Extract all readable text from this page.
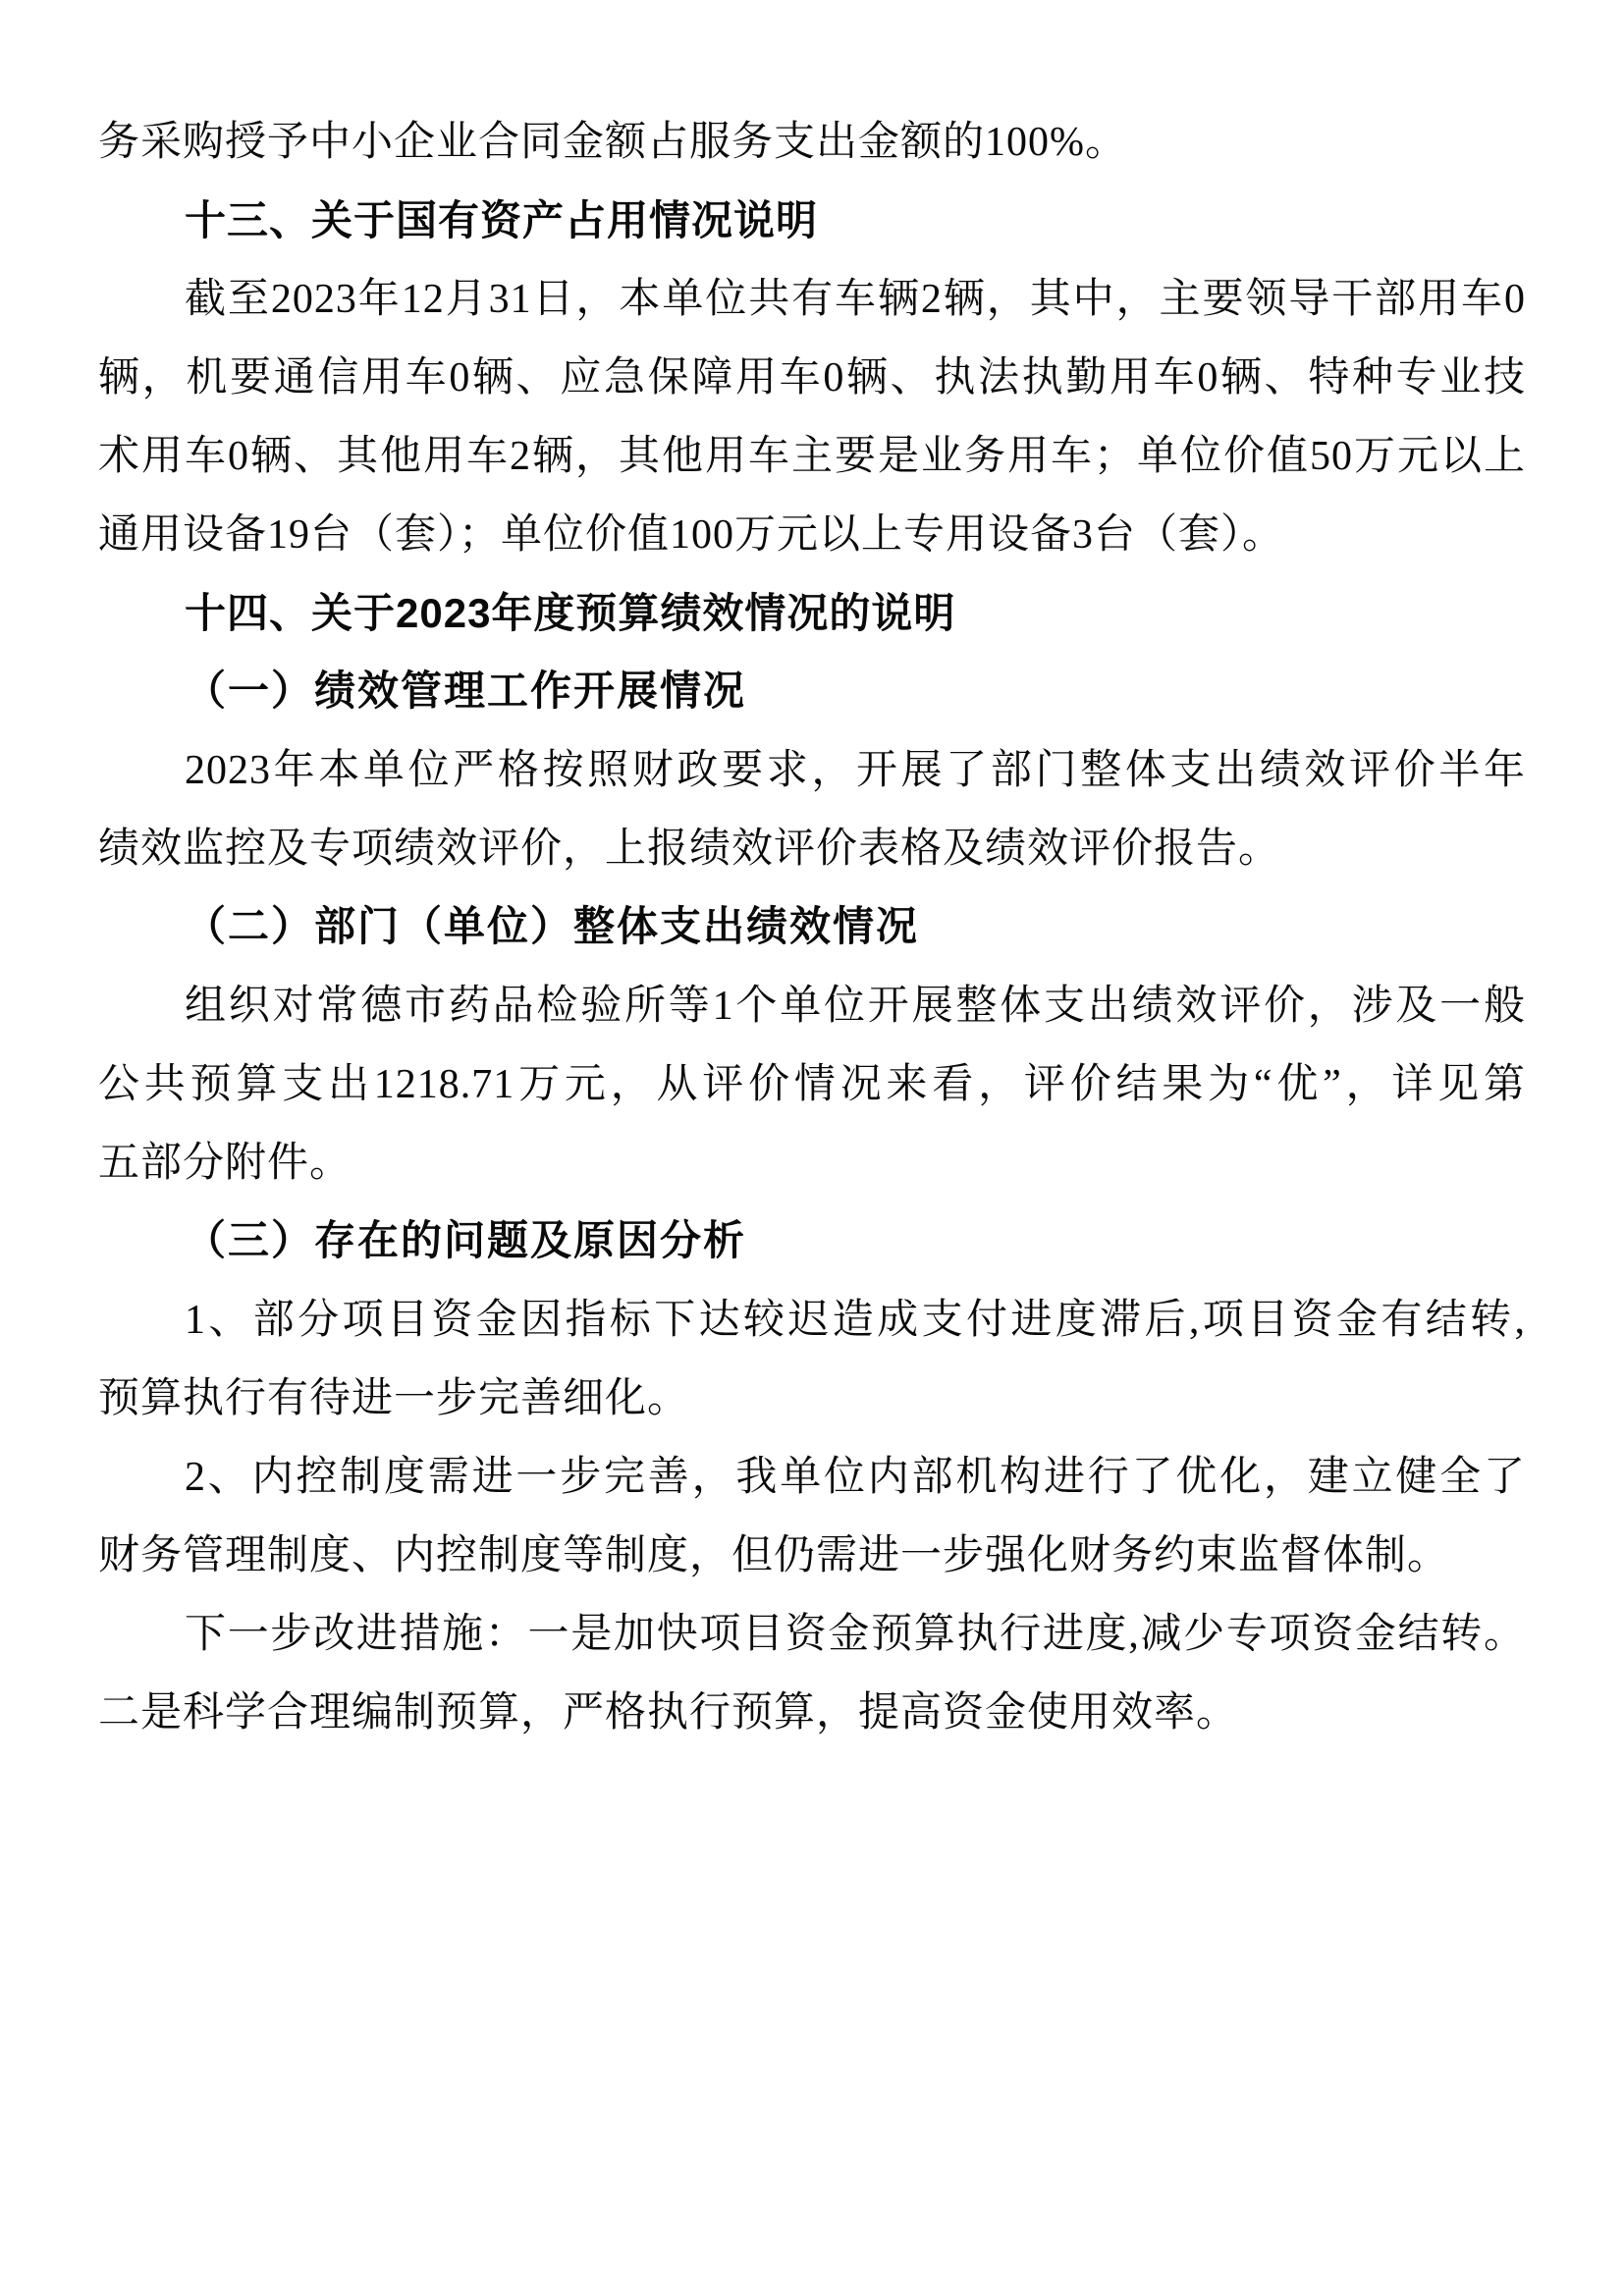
务采购授予中小企业合同金额占服务支出金额的100%。
十三、关于国有资产占用情况说明
截至2023年12月31日，本单位共有车辆2辆，其中，主要领导干部用车0
辆，机要通信用车0辆、应急保障用车0辆、执法执勤用车0辆、特种专业技
术用车0辆、其他用车2辆，其他用车主要是业务用车；单位价值50万元以上
通用设备19台（套）；单位价值100万元以上专用设备3台（套）。
十四、关于2023年度预算绩效情况的说明
（一）绩效管理工作开展情况
2023年本单位严格按照财政要求，开展了部门整体支出绩效评价半年
绩效监控及专项绩效评价，上报绩效评价表格及绩效评价报告。
（二）部门（单位）整体支出绩效情况
组织对常德市药品检验所等1个单位开展整体支出绩效评价，涉及一般
公共预算支出1218.71万元，从评价情况来看，评价结果为“优”，详见第
五部分附件。
（三）存在的问题及原因分析
1、部分项目资金因指标下达较迟造成支付进度滞后,项目资金有结转,
预算执行有待进一步完善细化。
2、内控制度需进一步完善，我单位内部机构进行了优化，建立健全了
财务管理制度、内控制度等制度，但仍需进一步强化财务约束监督体制。
下一步改进措施：一是加快项目资金预算执行进度,减少专项资金结转。
二是科学合理编制预算，严格执行预算，提高资金使用效率。
